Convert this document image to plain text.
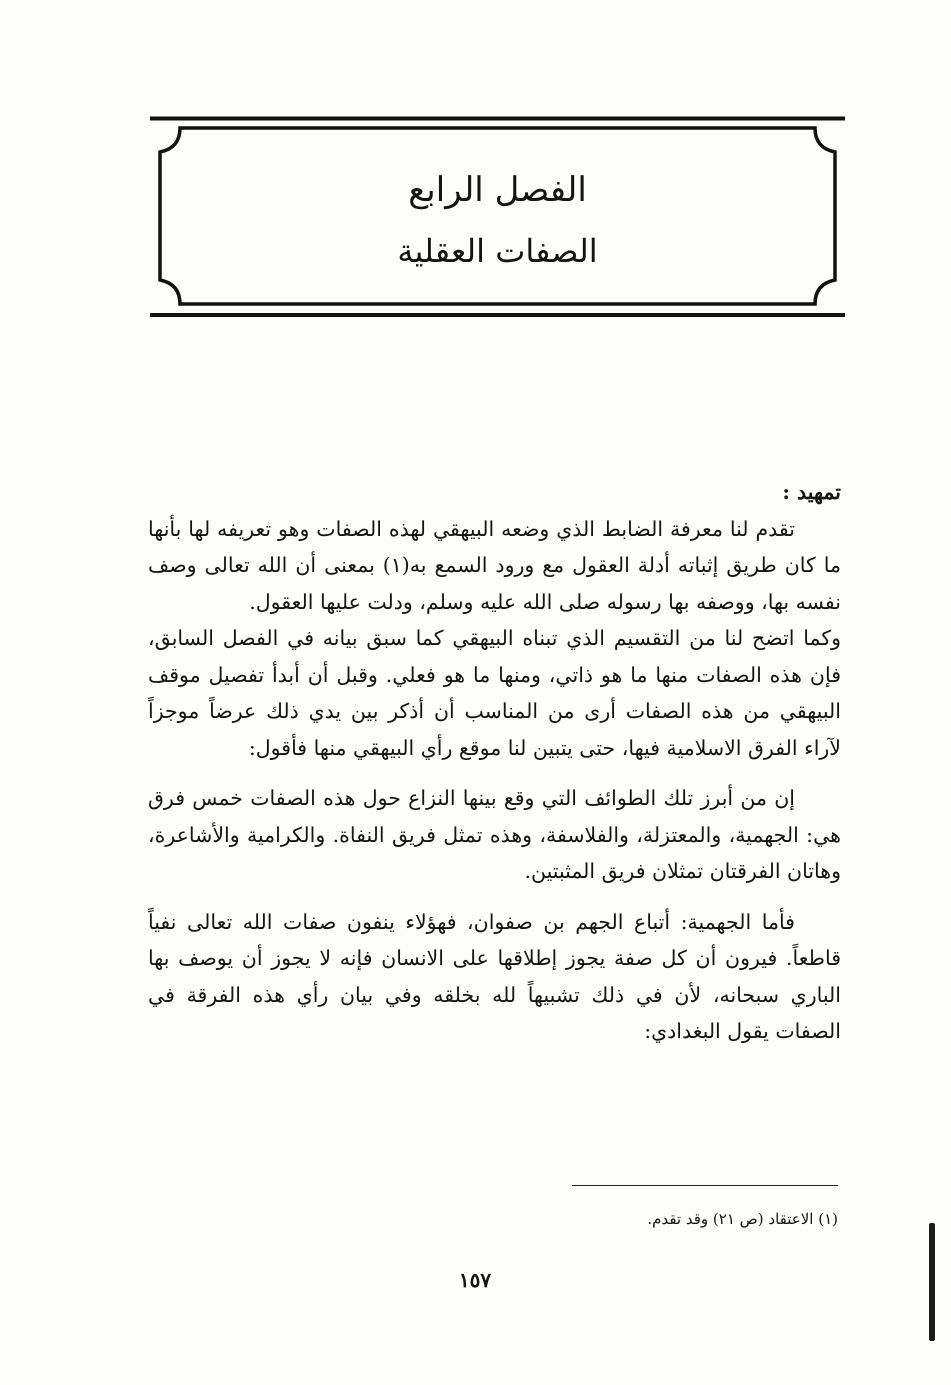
الفصل الرابع
الصفات العقلية

تمهيد :

تقدم لنا معرفة الضابط الذي وضعه البيهقي لهذه الصفات وهو تعريفه لها بأنها ما كان طريق إثباته أدلة العقول مع ورود السمع به(١) بمعنى أن الله تعالى وصف نفسه بها، ووصفه بها رسوله صلى الله عليه وسلم، ودلت عليها العقول.

وكما اتضح لنا من التقسيم الذي تبناه البيهقي كما سبق بيانه في الفصل السابق، فإن هذه الصفات منها ما هو ذاتي، ومنها ما هو فعلي. وقبل أن أبدأ تفصيل موقف البيهقي من هذه الصفات أرى من المناسب أن أذكر بين يدي ذلك عرضاً موجزاً لآراء الفرق الاسلامية فيها، حتى يتبين لنا موقع رأي البيهقي منها فأقول:

إن من أبرز تلك الطوائف التي وقع بينها النزاع حول هذه الصفات خمس فرق هي: الجهمية، والمعتزلة، والفلاسفة، وهذه تمثل فريق النفاة. والكرامية والأشاعرة، وهاتان الفرقتان تمثلان فريق المثبتين.

فأما الجهمية: أتباع الجهم بن صفوان، فهؤلاء ينفون صفات الله تعالى نفياً قاطعاً. فيرون أن كل صفة يجوز إطلاقها على الانسان فإنه لا يجوز أن يوصف بها الباري سبحانه، لأن في ذلك تشبيهاً لله بخلقه وفي بيان رأي هذه الفرقة في الصفات يقول البغدادي:

(١) الاعتقاد (ص ٢١) وقد تقدم.
١٥٧
